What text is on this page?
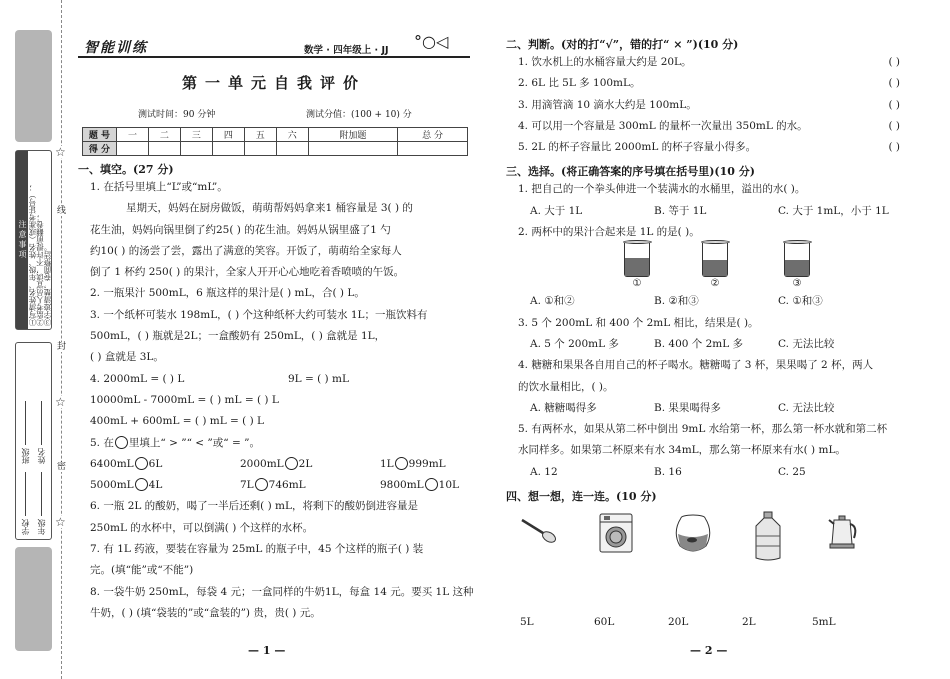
注意事项 ①写清姓名、年级、姓名（或准考证号）；
②监考人员宣读，不许提前翻卷；
③字迹清楚，卷面整洁。
学校  班级
年级  姓名
☆
☆
☆
线
封
密
智能训练	数学 · 四年级上 · JJ °○◁
第一单元自我评价
测试时间：90 分钟	测试分值：(100 + 10) 分
题 号	一	二	三	四	五	六	附加题	总 分
得 分								
一、填空。(27 分)
1. 在括号里填上“L”或“mL”。
星期天，妈妈在厨房做饭，萌萌帮妈妈拿来1 桶容量是 3( ) 的
花生油，妈妈向锅里倒了约25( ) 的花生油。妈妈从锅里盛了1 勺
约10( ) 的汤尝了尝，露出了满意的笑容。开饭了，萌萌给全家每人
倒了 1 杯约 250( ) 的果汁，全家人开开心心地吃着香喷喷的午饭。
2. 一瓶果汁 500mL，6 瓶这样的果汁是( ) mL，合( ) L。
3. 一个纸杯可装水 198mL，( ) 个这种纸杯大约可装水 1L；一瓶饮料有
500mL，( ) 瓶就是2L；一盒酸奶有 250mL，( ) 盒就是 1L，
( ) 盒就是 3L。
4. 2000mL = ( ) L	9L = ( ) mL
10000mL - 7000mL = ( ) mL = ( ) L
400mL + 600mL = ( ) mL = ( ) L
5. 在 里填上“ > ”“ < ”或“ = ”。
6400mL 6L	2000mL 2L	1L 999mL
5000mL 4L	7L 746mL	9800mL 10L
6. 一瓶 2L 的酸奶，喝了一半后还剩( ) mL，将剩下的酸奶倒进容量是
250mL 的水杯中，可以倒满( ) 个这样的水杯。
7. 有 1L 药液，要装在容量为 25mL 的瓶子中，45 个这样的瓶子( ) 装
完。(填“能”或“不能”)
8. 一袋牛奶 250mL，每袋 4 元；一盒同样的牛奶1L，每盒 14 元。要买 1L 这种
牛奶，( ) (填“袋装的”或“盒装的”) 贵，贵( ) 元。
— 1 —
二、判断。(对的打“√”，错的打“ × ”)(10 分)
1. 饮水机上的水桶容量大约是 20L。	( )
2. 6L 比 5L 多 100mL。	( )
3. 用滴管滴 10 滴水大约是 100mL。	( )
4. 可以用一个容量是 300mL 的量杯一次量出 350mL 的水。	( )
5. 2L 的杯子容量比 2000mL 的杯子容量小得多。	( )
三、选择。(将正确答案的序号填在括号里)(10 分)
1. 把自己的一个拳头伸进一个装满水的水桶里，溢出的水( )。
A. 大于 1L	B. 等于 1L	C. 大于 1mL，小于 1L
2. 两杯中的果汁合起来是 1L 的是( )。
①	②	③
A. ①和②	B. ②和③	C. ①和③
3. 5 个 200mL 和 400 个 2mL 相比，结果是( )。
A. 5 个 200mL 多	B. 400 个 2mL 多	C. 无法比较
4. 糖糖和果果各自用自己的杯子喝水。糖糖喝了 3 杯，果果喝了 2 杯，两人
的饮水量相比，( )。
A. 糖糖喝得多	B. 果果喝得多	C. 无法比较
5. 有两杯水，如果从第二杯中倒出 9mL 水给第一杯，那么第一杯水就和第二杯
水同样多。如果第二杯原来有水 34mL，那么第一杯原来有水( ) mL。
A. 12	B. 16	C. 25
四、想一想，连一连。(10 分)
5L	60L	20L	2L	5mL
— 2 —
